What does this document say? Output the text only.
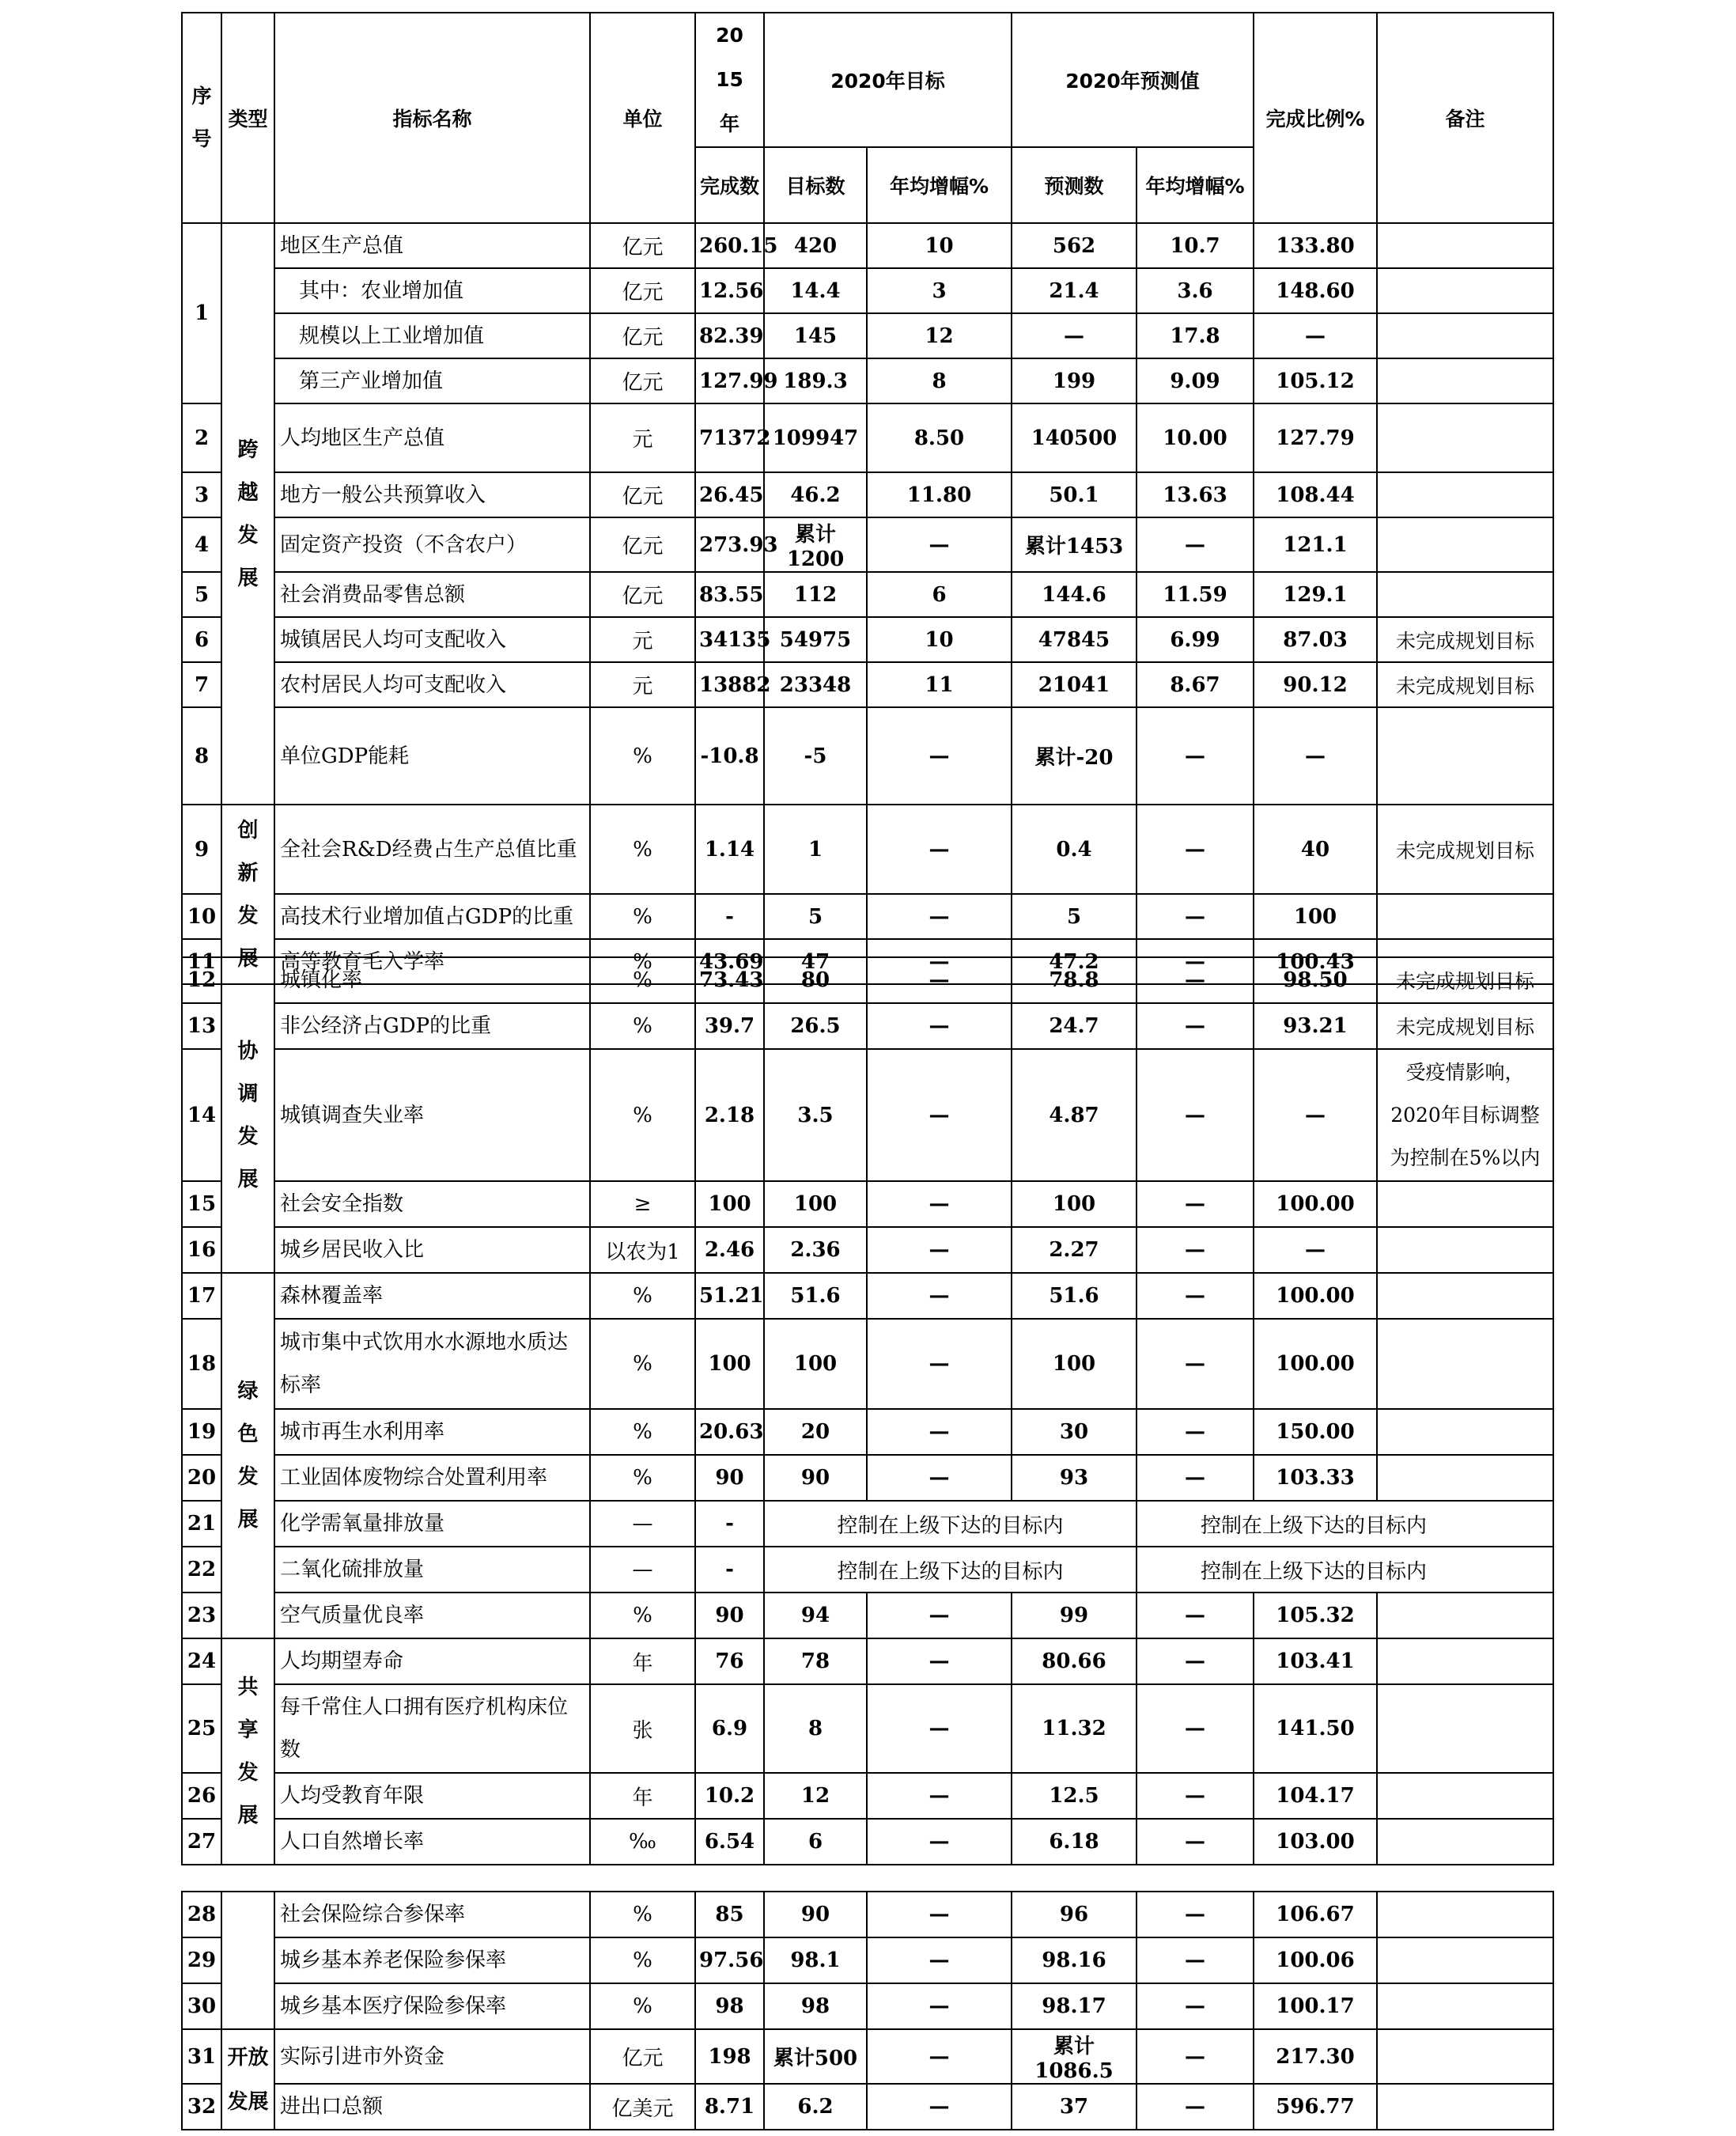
序号	类型	指标名称	单位	2015年	2020年目标		2020年预测值		完成比例%	备注
				完成数	目标数	年均增幅%	预测数	年均增幅%		
1	跨越发展	地区生产总值	亿元	260.15	420	10	562	10.7	133.80	
		其中：农业增加值	亿元	12.56	14.4	3	21.4	3.6	148.60	
		规模以上工业增加值	亿元	82.39	145	12	—	17.8	—	
		第三产业增加值	亿元	127.99	189.3	8	199	9.09	105.12	
2		人均地区生产总值	元	71372	109947	8.50	140500	10.00	127.79	
3		地方一般公共预算收入	亿元	26.45	46.2	11.80	50.1	13.63	108.44	
4		固定资产投资（不含农户）	亿元	273.93	累计1200	—	累计1453	—	121.1	
5		社会消费品零售总额	亿元	83.55	112	6	144.6	11.59	129.1	
6		城镇居民人均可支配收入	元	34135	54975	10	47845	6.99	87.03	未完成规划目标
7		农村居民人均可支配收入	元	13882	23348	11	21041	8.67	90.12	未完成规划目标
8		单位GDP能耗	%	-10.8	-5	—	累计-20	—	—	
9	创新发展	全社会R&D经费占生产总值比重	%	1.14	1	—	0.4	—	40	未完成规划目标
10		高技术行业增加值占GDP的比重	%	-	5	—	5	—	100	
11		高等教育毛入学率	%	43.69	47	—	47.2	—	100.43	
12	协调发展	城镇化率	%	73.43	80	—	78.8	—	98.50	未完成规划目标
13		非公经济占GDP的比重	%	39.7	26.5	—	24.7	—	93.21	未完成规划目标
14		城镇调查失业率	%	2.18	3.5	—	4.87	—	—	受疫情影响，2020年目标调整为控制在5%以内
15		社会安全指数	≥	100	100	—	100	—	100.00	
16		城乡居民收入比	以农为1	2.46	2.36	—	2.27	—	—	
17	绿色发展	森林覆盖率	%	51.21	51.6	—	51.6	—	100.00	
18		城市集中式饮用水水源地水质达标率	%	100	100	—	100	—	100.00	
19		城市再生水利用率	%	20.63	20	—	30	—	150.00	
20		工业固体废物综合处置利用率	%	90	90	—	93	—	103.33	
21		化学需氧量排放量	—	-	控制在上级下达的目标内			控制在上级下达的目标内		
22		二氧化硫排放量	—	-	控制在上级下达的目标内			控制在上级下达的目标内		
23		空气质量优良率	%	90	94	—	99	—	105.32	
24	共享发展	人均期望寿命	年	76	78	—	80.66	—	103.41	
25		每千常住人口拥有医疗机构床位数	张	6.9	8	—	11.32	—	141.50	
26		人均受教育年限	年	10.2	12	—	12.5	—	104.17	
27		人口自然增长率	‰	6.54	6	—	6.18	—	103.00	
28		社会保险综合参保率	%	85	90	—	96	—	106.67	
29		城乡基本养老保险参保率	%	97.56	98.1	—	98.16	—	100.06	
30		城乡基本医疗保险参保率	%	98	98	—	98.17	—	100.17	
31	开放发展	实际引进市外资金	亿元	198	累计500	—	累计1086.5	—	217.30	
32		进出口总额	亿美元	8.71	6.2	—	37	—	596.77	
